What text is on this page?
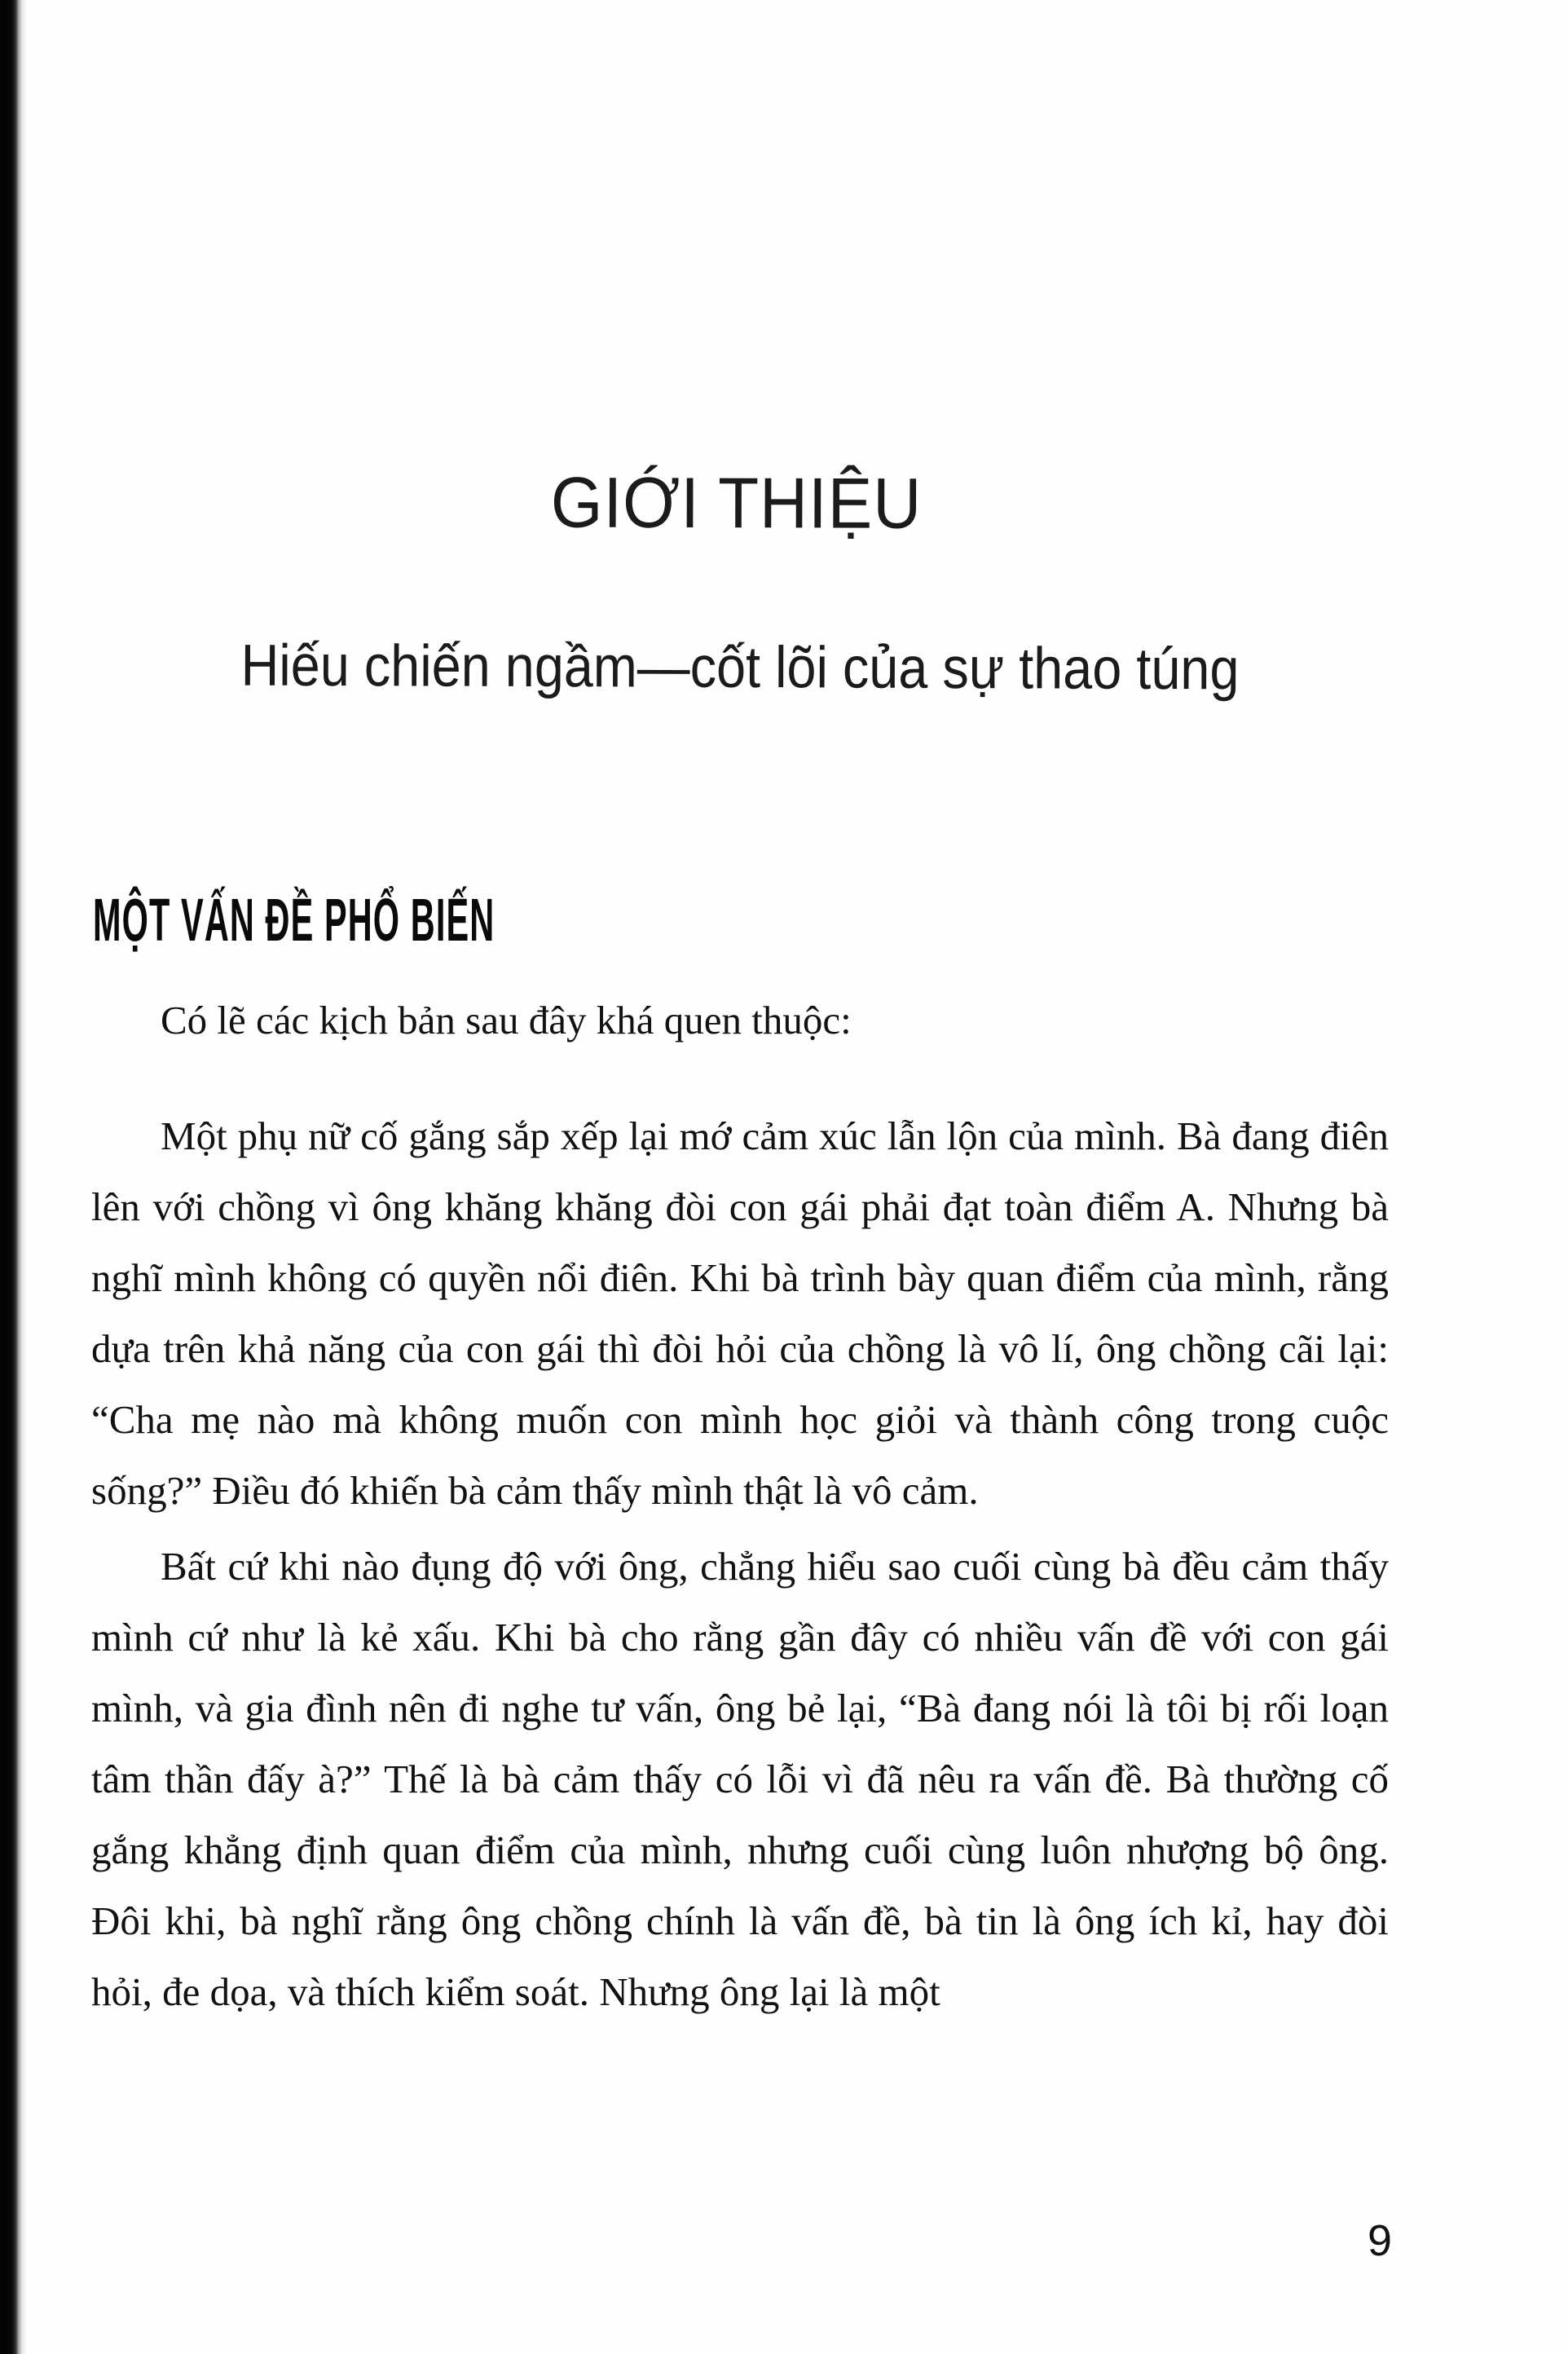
GIỚI THIỆU
Hiếu chiến ngầm—cốt lõi của sự thao túng
MỘT VẤN ĐỀ PHỔ BIẾN

Có lẽ các kịch bản sau đây khá quen thuộc:

Một phụ nữ cố gắng sắp xếp lại mớ cảm xúc lẫn lộn của mình. Bà đang điên lên với chồng vì ông khăng khăng đòi con gái phải đạt toàn điểm A. Nhưng bà nghĩ mình không có quyền nổi điên. Khi bà trình bày quan điểm của mình, rằng dựa trên khả năng của con gái thì đòi hỏi của chồng là vô lí, ông chồng cãi lại: “Cha mẹ nào mà không muốn con mình học giỏi và thành công trong cuộc sống?” Điều đó khiến bà cảm thấy mình thật là vô cảm.

Bất cứ khi nào đụng độ với ông, chẳng hiểu sao cuối cùng bà đều cảm thấy mình cứ như là kẻ xấu. Khi bà cho rằng gần đây có nhiều vấn đề với con gái mình, và gia đình nên đi nghe tư vấn, ông bẻ lại, “Bà đang nói là tôi bị rối loạn tâm thần đấy à?” Thế là bà cảm thấy có lỗi vì đã nêu ra vấn đề. Bà thường cố gắng khẳng định quan điểm của mình, nhưng cuối cùng luôn nhượng bộ ông. Đôi khi, bà nghĩ rằng ông chồng chính là vấn đề, bà tin là ông ích kỉ, hay đòi hỏi, đe dọa, và thích kiểm soát. Nhưng ông lại là một

9
